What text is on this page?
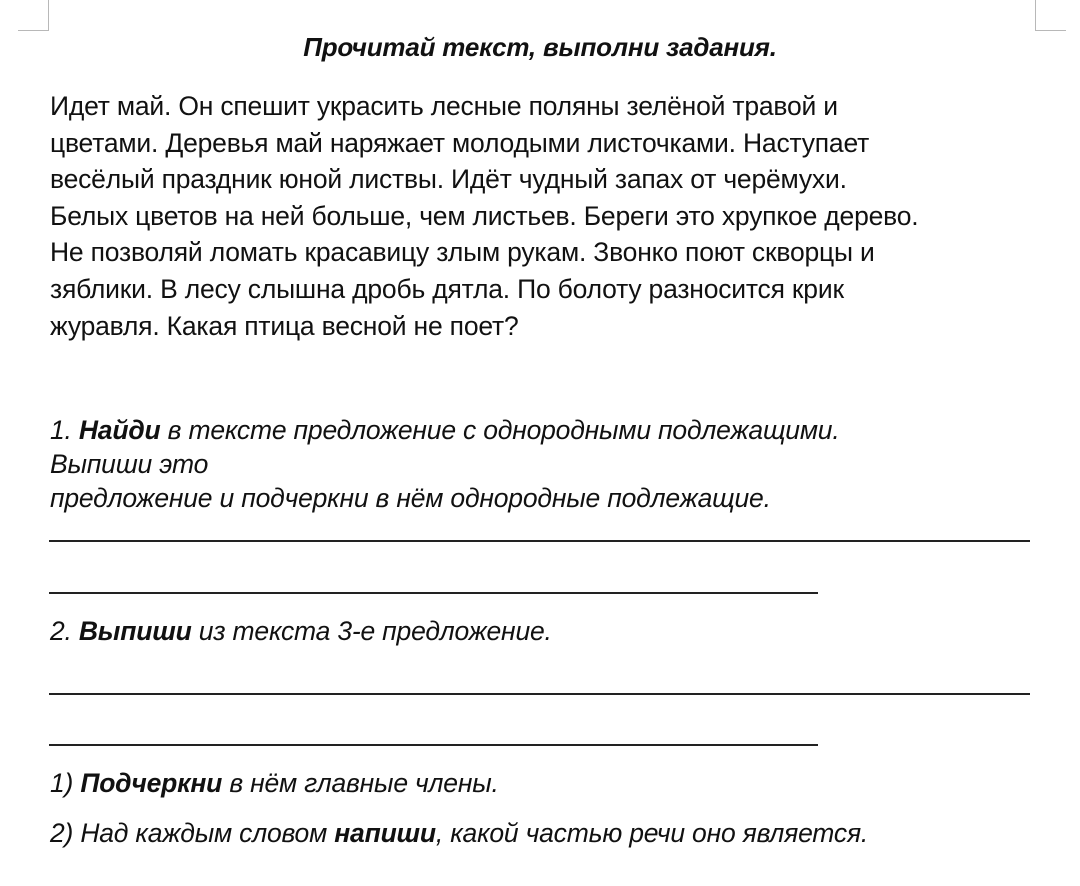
Прочитай текст, выполни задания.

Идет май. Он спешит украсить лесные поляны зелёной травой и
цветами. Деревья май наряжает молодыми листочками. Наступает
весёлый праздник юной листвы. Идёт чудный запах от черёмухи.
Белых цветов на ней больше, чем листьев. Береги это хрупкое дерево.
Не позволяй ломать красавицу злым рукам. Звонко поют скворцы и
зяблики. В лесу слышна дробь дятла. По болоту разносится крик
журавля. Какая птица весной не поет?

1. Найди в тексте предложение с однородными подлежащими.
Выпиши это
предложение и подчеркни в нём однородные подлежащие.
2. Выпиши из текста 3-е предложение.
1) Подчеркни в нём главные члены.
2) Над каждым словом напиши, какой частью речи оно является.
